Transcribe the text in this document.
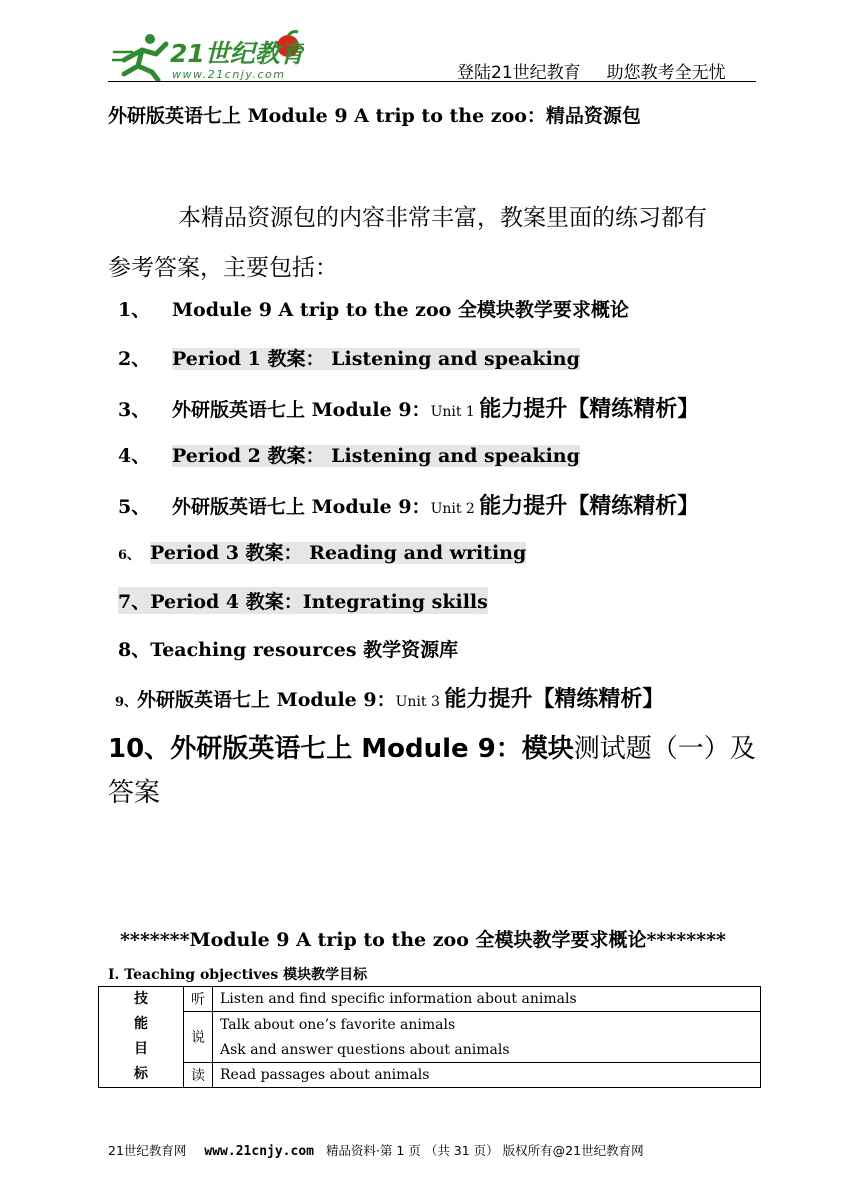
21世纪教育
www.21cnjy.com	登陆21世纪教育 助您教考全无忧
外研版英语七上 Module 9 A trip to the zoo：精品资源包
本精品资源包的内容非常丰富，教案里面的练习都有
参考答案，主要包括：
1、 Module 9 A trip to the zoo 全模块教学要求概论
2、 Period 1 教案： Listening and speaking
3、 外研版英语七上 Module 9：Unit 1 能力提升【精练精析】
4、 Period 2 教案： Listening and speaking
5、 外研版英语七上 Module 9：Unit 2 能力提升【精练精析】
6、 Period 3 教案： Reading and writing
7、Period 4 教案：Integrating skills
8、Teaching resources 教学资源库
9、外研版英语七上 Module 9：Unit 3 能力提升【精练精析】
10、外研版英语七上 Module 9：模块测试题（一）及
答案
*******Module 9 A trip to the zoo 全模块教学要求概论********
I. Teaching objectives 模块教学目标
技
能
目
标	听	Listen and find specific information about animals
	说	Talk about one’s favorite animals
		Ask and answer questions about animals
	读	Read passages about animals
21世纪教育网 www.21cnjy.com 精品资料·第 1 页 （共 31 页） 版权所有@21世纪教育网
